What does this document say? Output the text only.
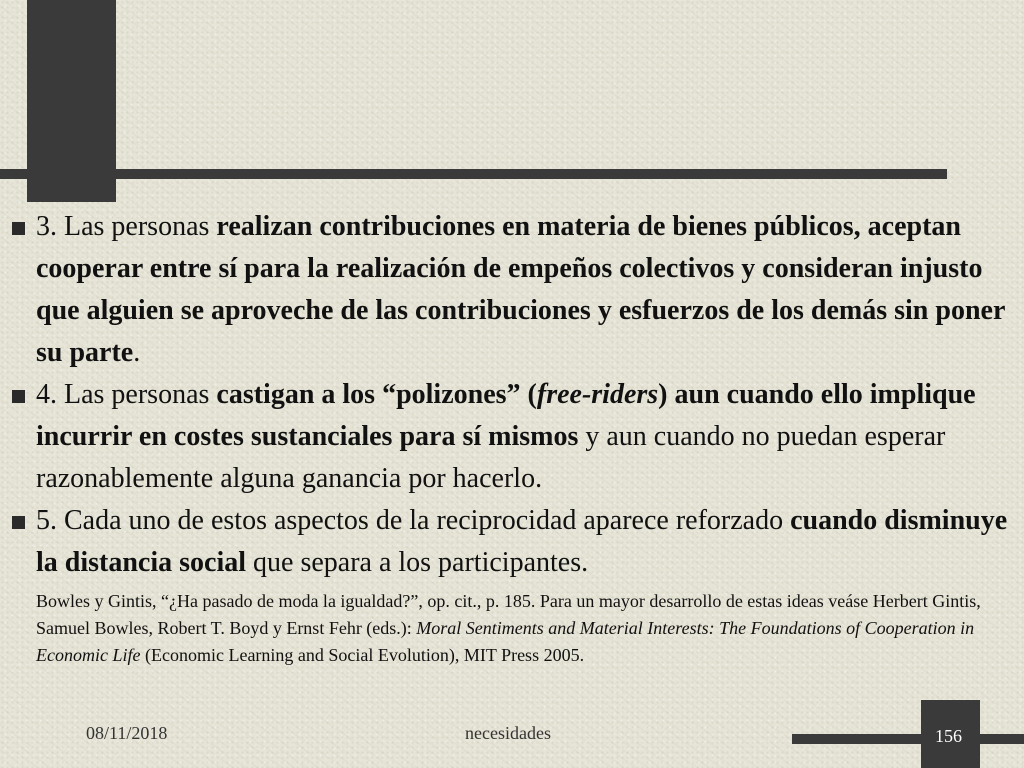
3. Las personas realizan contribuciones en materia de bienes públicos, aceptan cooperar entre sí para la realización de empeños colectivos y consideran injusto que alguien se aproveche de las contribuciones y esfuerzos de los demás sin poner su parte.
4. Las personas castigan a los “polizones” (free-riders) aun cuando ello implique incurrir en costes sustanciales para sí mismos y aun cuando no puedan esperar razonablemente alguna ganancia por hacerlo.
5. Cada uno de estos aspectos de la reciprocidad aparece reforzado cuando disminuye la distancia social que separa a los participantes.
Bowles y Gintis, “¿Ha pasado de moda la igualdad?”, op. cit., p. 185. Para un mayor desarrollo de estas ideas veáse Herbert Gintis, Samuel Bowles, Robert T. Boyd y Ernst Fehr (eds.): Moral Sentiments and Material Interests: The Foundations of Cooperation in Economic Life (Economic Learning and Social Evolution), MIT Press 2005.
08/11/2018	necesidades	156
